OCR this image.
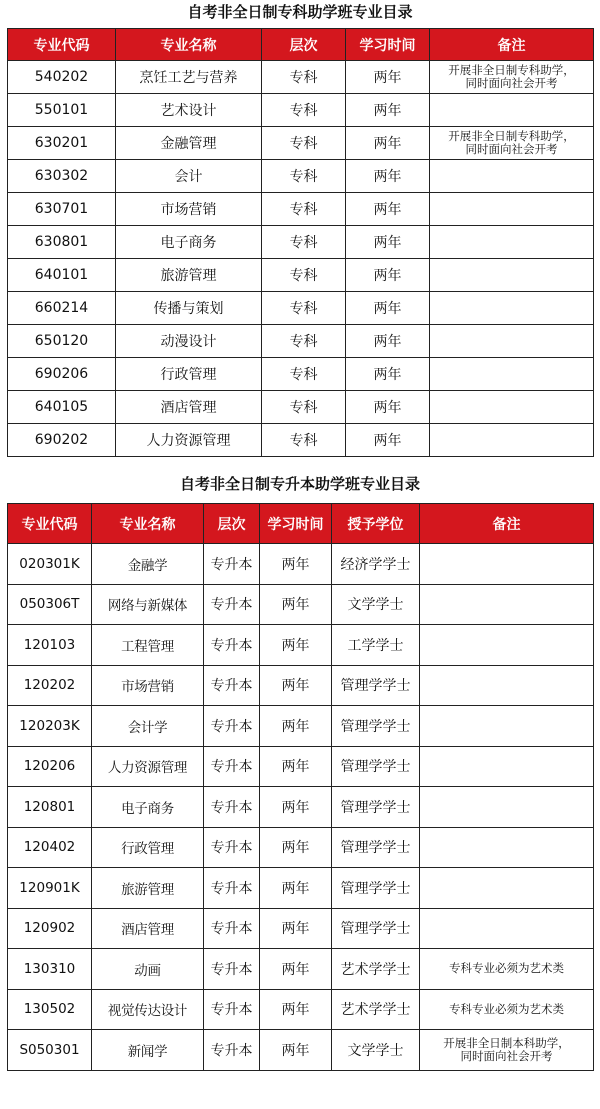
自考非全日制专科助学班专业目录
专业代码	专业名称	层次	学习时间	备注
540202	烹饪工艺与营养	专科	两年	开展非全日制专科助学，
同时面向社会开考

550101	艺术设计	专科	两年	
630201	金融管理	专科	两年	开展非全日制专科助学，
同时面向社会开考

630302	会计	专科	两年	
630701	市场营销	专科	两年	
630801	电子商务	专科	两年	
640101	旅游管理	专科	两年	
660214	传播与策划	专科	两年	
650120	动漫设计	专科	两年	
690206	行政管理	专科	两年	
640105	酒店管理	专科	两年	
690202	人力资源管理	专科	两年	
自考非全日制专升本助学班专业目录
专业代码	专业名称	层次	学习时间	授予学位	备注
020301K	金融学	专升本	两年	经济学学士	
050306T	网络与新媒体	专升本	两年	文学学士	
120103	工程管理	专升本	两年	工学学士	
120202	市场营销	专升本	两年	管理学学士	
120203K	会计学	专升本	两年	管理学学士	
120206	人力资源管理	专升本	两年	管理学学士	
120801	电子商务	专升本	两年	管理学学士	
120402	行政管理	专升本	两年	管理学学士	
120901K	旅游管理	专升本	两年	管理学学士	
120902	酒店管理	专升本	两年	管理学学士	
130310	动画	专升本	两年	艺术学学士	专科专业必须为艺术类

130502	视觉传达设计	专升本	两年	艺术学学士	专科专业必须为艺术类

S050301	新闻学	专升本	两年	文学学士	开展非全日制本科助学，
同时面向社会开考
